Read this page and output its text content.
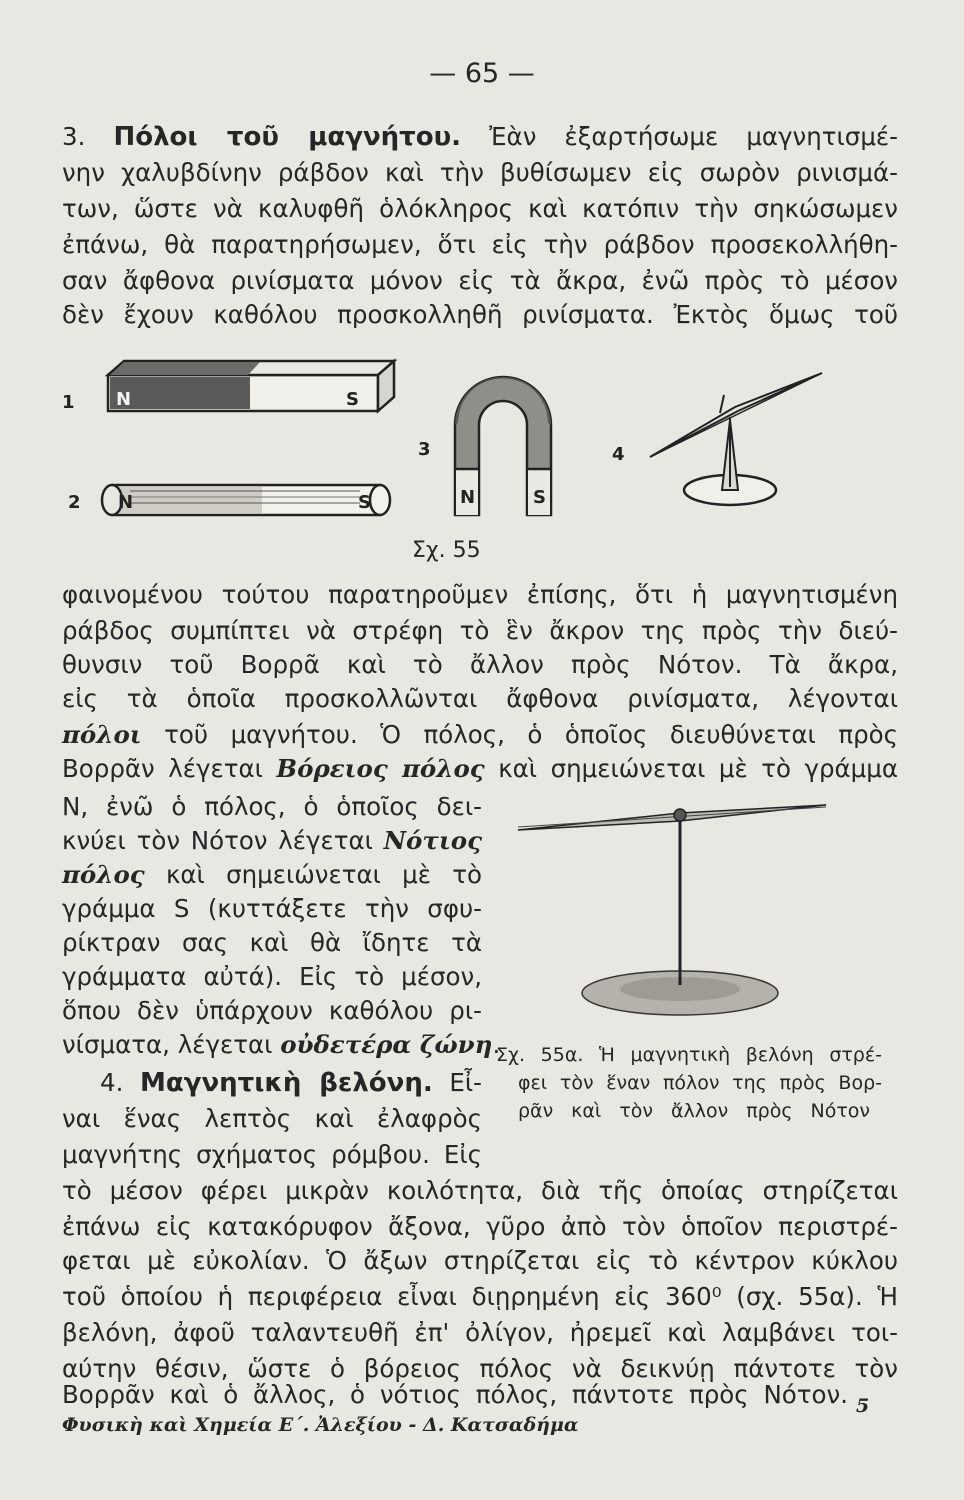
— 65 —
3. Πόλοι τοῦ μαγνήτου. Ἐὰν ἐξαρτήσωμε μαγνητισμέ-
νην χαλυβδίνην ράβδον καὶ τὴν βυθίσωμεν εἰς σωρὸν ρινισμά-
των, ὥστε νὰ καλυφθῆ ὁλόκληρος καὶ κατόπιν τὴν σηκώσωμεν
ἐπάνω, θὰ παρατηρήσωμεν, ὅτι εἰς τὴν ράβδον προσεκολλήθη-
σαν ἄφθονα ρινίσματα μόνον εἰς τὰ ἄκρα, ἐνῶ πρὸς τὸ μέσον
δὲν ἔχουν καθόλου προσκολληθῆ ρινίσματα. Ἐκτὸς ὅμως τοῦ
N	S
1
N	S
2	N	S
3	4
Σχ. 55
φαινομένου τούτου παρατηροῦμεν ἐπίσης, ὅτι ἡ μαγνητισμένη
ράβδος συμπίπτει νὰ στρέφη τὸ ἓν ἄκρον της πρὸς τὴν διεύ-
θυνσιν τοῦ Βορρᾶ καὶ τὸ ἄλλον πρὸς Νότον. Τὰ ἄκρα,
εἰς τὰ ὁποῖα προσκολλῶνται ἄφθονα ρινίσματα, λέγονται
πόλοι τοῦ μαγνήτου. Ὁ πόλος, ὁ ὁποῖος διευθύνεται πρὸς
Βορρᾶν λέγεται Βόρειος πόλος καὶ σημειώνεται μὲ τὸ γράμμα
Ν, ἐνῶ ὁ πόλος, ὁ ὁποῖος δει-
κνύει τὸν Νότον λέγεται Νότιος
πόλος καὶ σημειώνεται μὲ τὸ
γράμμα S (κυττάξετε τὴν σφυ-
ρίκτραν σας καὶ θὰ ἴδητε τὰ
γράμματα αὐτά). Εἰς τὸ μέσον,
ὅπου δὲν ὑπάρχουν καθόλου ρι-
νίσματα, λέγεται οὐδετέρα ζώνη.
4. Μαγνητικὴ βελόνη. Εἶ-
ναι ἕνας λεπτὸς καὶ ἐλαφρὸς
μαγνήτης σχήματος ρόμβου. Εἰς
Σχ. 55α. Ἡ μαγνητικὴ βελόνη στρέ-
φει τὸν ἕναν πόλον της πρὸς Βορ-
ρᾶν καὶ τὸν ἄλλον πρὸς Νότον
τὸ μέσον φέρει μικρὰν κοιλότητα, διὰ τῆς ὁποίας στηρίζεται
ἐπάνω εἰς κατακόρυφον ἄξονα, γῦρο ἀπὸ τὸν ὁποῖον περιστρέ-
φεται μὲ εὐκολίαν. Ὁ ἄξων στηρίζεται εἰς τὸ κέντρον κύκλου
τοῦ ὁποίου ἡ περιφέρεια εἶναι διῃρημένη εἰς 360⁰ (σχ. 55α). Ἡ
βελόνη, ἀφοῦ ταλαντευθῆ ἐπ' ὀλίγον, ἠρεμεῖ καὶ λαμβάνει τοι-
αύτην θέσιν, ὥστε ὁ βόρειος πόλος νὰ δεικνύῃ πάντοτε τὸν
Βορρᾶν καὶ ὁ ἄλλος, ὁ νότιος πόλος, πάντοτε πρὸς Νότον.
Φυσικὴ καὶ Χημεία Ε΄. Ἀλεξίου - Δ. Κατσαδήμα
5
